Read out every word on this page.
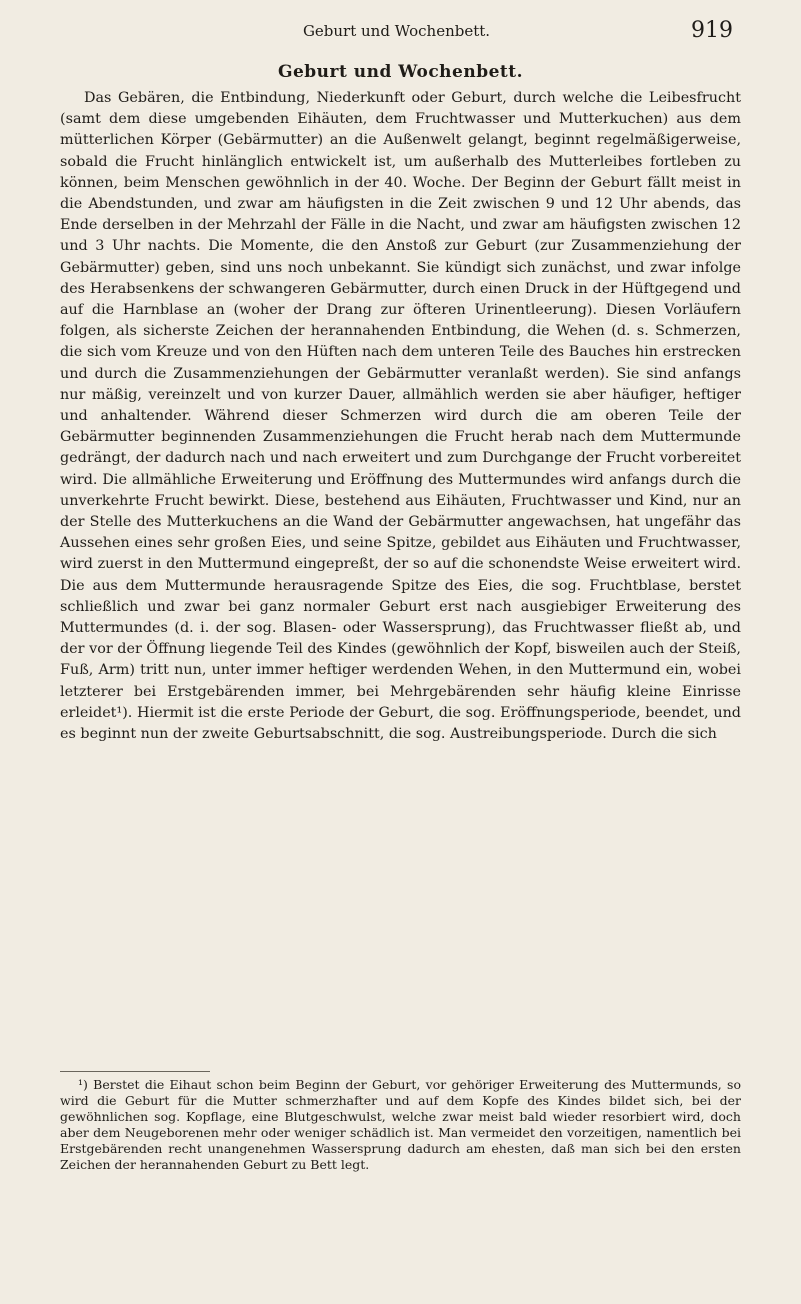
Geburt und Wochenbett.	919
Geburt und Wochenbett.

Das Gebären, die Entbindung, Niederkunft oder Geburt, durch welche die Leibesfrucht (samt dem diese umgebenden Eihäuten, dem Fruchtwasser und Mutterkuchen) aus dem mütterlichen Körper (Gebärmutter) an die Außenwelt gelangt, beginnt regelmäßigerweise, sobald die Frucht hinlänglich entwickelt ist, um außerhalb des Mutterleibes fortleben zu können, beim Menschen gewöhnlich in der 40. Woche. Der Beginn der Geburt fällt meist in die Abendstunden, und zwar am häufigsten in die Zeit zwischen 9 und 12 Uhr abends, das Ende derselben in der Mehrzahl der Fälle in die Nacht, und zwar am häufigsten zwischen 12 und 3 Uhr nachts. Die Momente, die den Anstoß zur Geburt (zur Zusammenziehung der Gebärmutter) geben, sind uns noch unbekannt. Sie kündigt sich zunächst, und zwar infolge des Herabsenkens der schwangeren Gebärmutter, durch einen Druck in der Hüftgegend und auf die Harnblase an (woher der Drang zur öfteren Urinentleerung). Diesen Vorläufern folgen, als sicherste Zeichen der herannahenden Entbindung, die Wehen (d. s. Schmerzen, die sich vom Kreuze und von den Hüften nach dem unteren Teile des Bauches hin erstrecken und durch die Zusammenziehungen der Gebärmutter veranlaßt werden). Sie sind anfangs nur mäßig, vereinzelt und von kurzer Dauer, allmählich werden sie aber häufiger, heftiger und anhaltender. Während dieser Schmerzen wird durch die am oberen Teile der Gebärmutter beginnenden Zusammenziehungen die Frucht herab nach dem Muttermunde gedrängt, der dadurch nach und nach erweitert und zum Durchgange der Frucht vorbereitet wird. Die allmähliche Erweiterung und Eröffnung des Muttermundes wird anfangs durch die unverkehrte Frucht bewirkt. Diese, bestehend aus Eihäuten, Fruchtwasser und Kind, nur an der Stelle des Mutterkuchens an die Wand der Gebärmutter angewachsen, hat ungefähr das Aussehen eines sehr großen Eies, und seine Spitze, gebildet aus Eihäuten und Fruchtwasser, wird zuerst in den Muttermund eingepreßt, der so auf die schonendste Weise erweitert wird. Die aus dem Muttermunde herausragende Spitze des Eies, die sog. Fruchtblase, berstet schließlich und zwar bei ganz normaler Geburt erst nach ausgiebiger Erweiterung des Muttermundes (d. i. der sog. Blasen- oder Wassersprung), das Fruchtwasser fließt ab, und der vor der Öffnung liegende Teil des Kindes (gewöhnlich der Kopf, bisweilen auch der Steiß, Fuß, Arm) tritt nun, unter immer heftiger werdenden Wehen, in den Muttermund ein, wobei letzterer bei Erstgebärenden immer, bei Mehrgebärenden sehr häufig kleine Einrisse erleidet¹). Hiermit ist die erste Periode der Geburt, die sog. Eröffnungsperiode, beendet, und es beginnt nun der zweite Geburtsabschnitt, die sog. Austreibungsperiode. Durch die sich

¹) Berstet die Eihaut schon beim Beginn der Geburt, vor gehöriger Erweiterung des Muttermunds, so wird die Geburt für die Mutter schmerzhafter und auf dem Kopfe des Kindes bildet sich, bei der gewöhnlichen sog. Kopflage, eine Blutgeschwulst, welche zwar meist bald wieder resorbiert wird, doch aber dem Neugeborenen mehr oder weniger schädlich ist. Man vermeidet den vorzeitigen, namentlich bei Erstgebärenden recht unangenehmen Wassersprung dadurch am ehesten, daß man sich bei den ersten Zeichen der herannahenden Geburt zu Bett legt.
